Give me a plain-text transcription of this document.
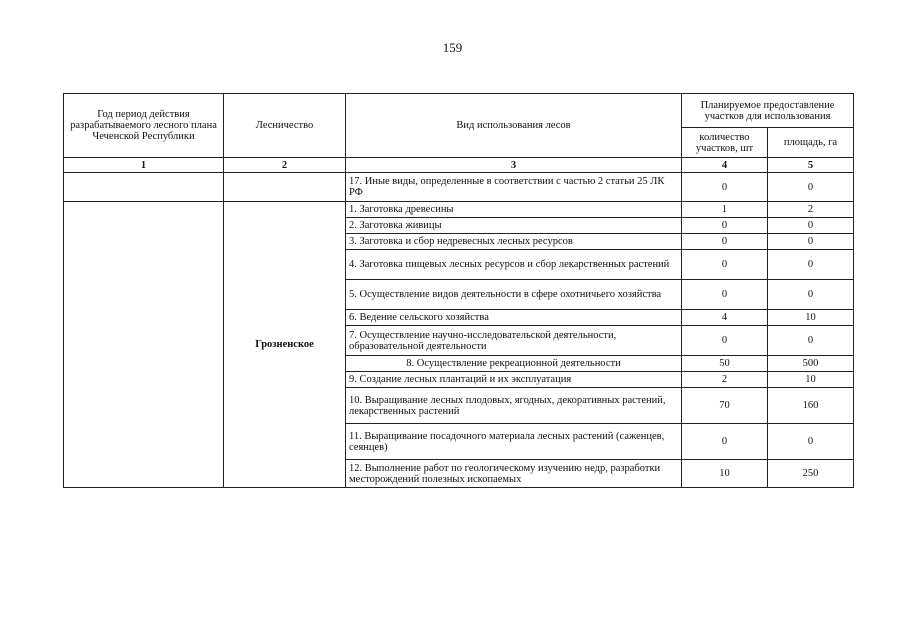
159
Год период действия разрабатываемого лесного плана Чеченской Республики	Лесничество	Вид использования лесов	Планируемое предоставление участков для использования	
			количество участков, шт	площадь, га
1	2	3	4	5
		17. Иные виды, определенные в соответствии с частью 2 статьи 25 ЛК РФ	0	0
	Грозненское	1. Заготовка древесины	1	2
		2. Заготовка живицы	0	0
		3. Заготовка и сбор недревесных лесных ресурсов	0	0
		4. Заготовка пищевых лесных ресурсов и сбор лекарственных растений	0	0
		5. Осуществление видов деятельности в сфере охотничьего хозяйства	0	0
		6. Ведение сельского хозяйства	4	10
		7. Осуществление научно-исследовательской деятельности, образовательной деятельности	0	0
		8. Осуществление рекреационной деятельности	50	500
		9. Создание лесных плантаций и их эксплуатация	2	10
		10. Выращивание лесных плодовых, ягодных, декоративных растений, лекарственных растений	70	160
		11. Выращивание посадочного материала лесных растений (саженцев, сеянцев)	0	0
		12. Выполнение работ по геологическому изучению недр, разработки месторождений полезных ископаемых	10	250
